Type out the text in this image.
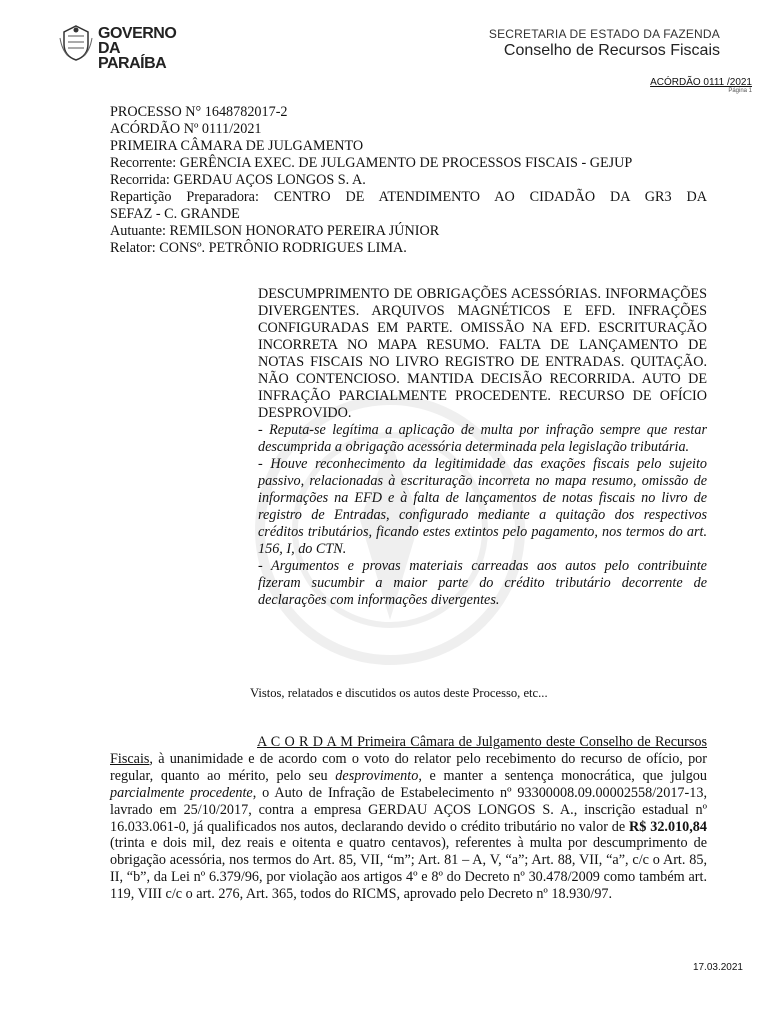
GOVERNO
DA PARAÍBA
SECRETARIA DE ESTADO DA FAZENDA
Conselho de Recursos Fiscais
ACÓRDÃO 0111 /2021
Página 1
PROCESSO N° 1648782017-2
ACÓRDÃO Nº 0111/2021
PRIMEIRA CÂMARA DE JULGAMENTO
Recorrente: GERÊNCIA EXEC. DE JULGAMENTO DE PROCESSOS FISCAIS - GEJUP
Recorrida: GERDAU AÇOS LONGOS S. A.
Repartição Preparadora: CENTRO DE ATENDIMENTO AO CIDADÃO DA GR3 DA
SEFAZ - C. GRANDE
Autuante: REMILSON HONORATO PEREIRA JÚNIOR
Relator: CONSº. PETRÔNIO RODRIGUES LIMA.

DESCUMPRIMENTO DE OBRIGAÇÕES ACESSÓRIAS. INFORMAÇÕES DIVERGENTES. ARQUIVOS MAGNÉTICOS E EFD. INFRAÇÕES CONFIGURADAS EM PARTE. OMISSÃO NA EFD. ESCRITURAÇÃO INCORRETA NO MAPA RESUMO. FALTA DE LANÇAMENTO DE NOTAS FISCAIS NO LIVRO REGISTRO DE ENTRADAS. QUITAÇÃO. NÃO CONTENCIOSO. MANTIDA DECISÃO RECORRIDA. AUTO DE INFRAÇÃO PARCIALMENTE PROCEDENTE. RECURSO DE OFÍCIO DESPROVIDO.

- Reputa-se legítima a aplicação de multa por infração sempre que restar descumprida a obrigação acessória determinada pela legislação tributária.

- Houve reconhecimento da legitimidade das exações fiscais pelo sujeito passivo, relacionadas à escrituração incorreta no mapa resumo, omissão de informações na EFD e à falta de lançamentos de notas fiscais no livro de registro de Entradas, configurado mediante a quitação dos respectivos créditos tributários, ficando estes extintos pelo pagamento, nos termos do art. 156, I, do CTN.

- Argumentos e provas materiais carreadas aos autos pelo contribuinte fizeram sucumbir a maior parte do crédito tributário decorrente de declarações com informações divergentes.

Vistos, relatados e discutidos os autos deste Processo, etc...
A C O R D A M Primeira Câmara de Julgamento deste Conselho de Recursos Fiscais, à unanimidade e de acordo com o voto do relator pelo recebimento do recurso de ofício, por regular, quanto ao mérito, pelo seu desprovimento, e manter a sentença monocrática, que julgou parcialmente procedente, o Auto de Infração de Estabelecimento nº 93300008.09.00002558/2017-13, lavrado em 25/10/2017, contra a empresa GERDAU AÇOS LONGOS S. A., inscrição estadual nº 16.033.061-0, já qualificados nos autos, declarando devido o crédito tributário no valor de R$ 32.010,84 (trinta e dois mil, dez reais e oitenta e quatro centavos), referentes à multa por descumprimento de obrigação acessória, nos termos do Art. 85, VII, “m”; Art. 81 – A, V, “a”; Art. 88, VII, “a”, c/c o Art. 85, II, “b”, da Lei nº 6.379/96, por violação aos artigos 4º e 8º do Decreto nº 30.478/2009 como também art. 119, VIII c/c o art. 276, Art. 365, todos do RICMS, aprovado pelo Decreto nº 18.930/97.
17.03.2021
